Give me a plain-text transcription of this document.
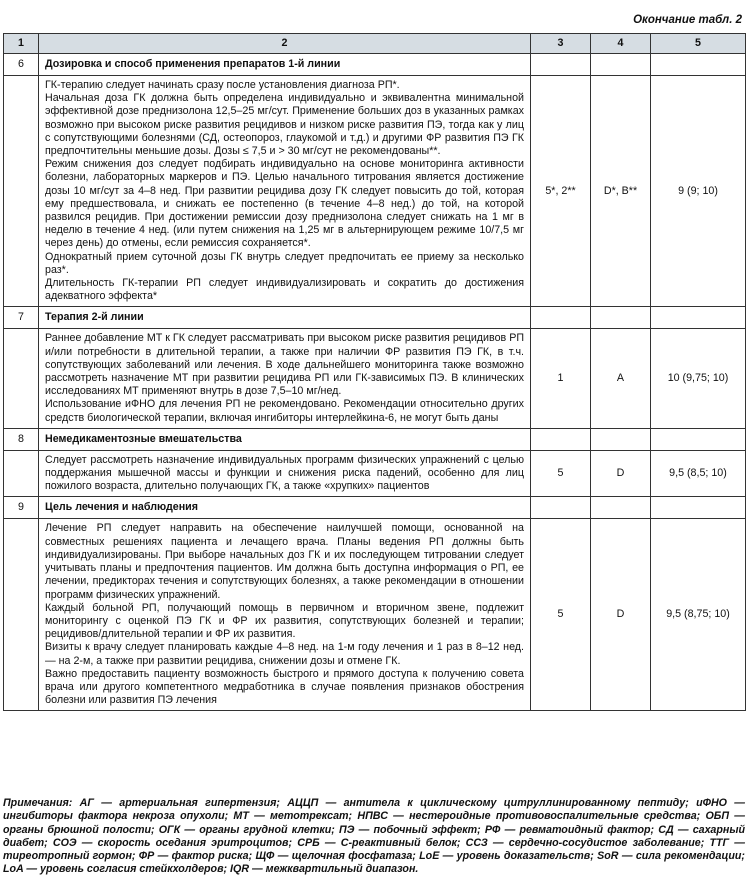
Окончание табл. 2
1	2	3	4	5
6	Дозировка и способ применения препаратов 1-й линии			

	ГК-терапию следует начинать сразу после установления диагноза РП*.

Начальная доза ГК должна быть определена индивидуально и эквивалентна минимальной эффективной дозе преднизолона 12,5–25 мг/сут. Применение больших доз в указанных рамках возможно при высоком риске развития рецидивов и низком риске развития ПЭ, тогда как у лиц с сопутствующими болезнями (СД, остеопороз, глаукомой и т.д.) и другими ФР развития ПЭ ГК предпочтительны меньшие дозы. Дозы ≤ 7,5 и > 30 мг/сут не рекомендованы**.

Режим снижения доз следует подбирать индивидуально на основе мониторинга активности болезни, лабораторных маркеров и ПЭ. Целью начального титрования является достижение дозы 10 мг/сут за 4–8 нед. При развитии рецидива дозу ГК следует повысить до той, которая ему предшествовала, и снижать ее постепенно (в течение 4–8 нед.) до той, на которой развился рецидив. При достижении ремиссии дозу преднизолона следует снижать на 1 мг в неделю в течение 4 нед. (или путем снижения на 1,25 мг в альтернирующем режиме 10/7,5 мг через день) до отмены, если ремиссия сохраняется*.

Однократный прием суточной дозы ГК внутрь следует предпочитать ее приему за несколько раз*.

Длительность ГК-терапии РП следует индивидуализировать и сократить до достижения адекватного эффекта*	5*, 2**	D*, B**	9 (9; 10)
7	Терапия 2-й линии			

	Раннее добавление МТ к ГК следует рассматривать при высоком риске развития рецидивов РП и/или потребности в длительной терапии, а также при наличии ФР развития ПЭ ГК, в т.ч. сопутствующих заболеваний или лечения. В ходе дальнейшего мониторинга также возможно рассмотреть назначение МТ при развитии рецидива РП или ГК-зависимых ПЭ. В клинических исследованиях МТ применяют внутрь в дозе 7,5–10 мг/нед.

Использование иФНО для лечения РП не рекомендовано. Рекомендации относительно других средств биологической терапии, включая ингибиторы интерлейкина-6, не могут быть даны	1	A	10 (9,75; 10)
8	Немедикаментозные вмешательства			

	Следует рассмотреть назначение индивидуальных программ физических упражнений с целью поддержания мышечной массы и функции и снижения риска падений, особенно для лиц пожилого возраста, длительно получающих ГК, а также «хрупких» пациентов	5	D	9,5 (8,5; 10)
9	Цель лечения и наблюдения			

	Лечение РП следует направить на обеспечение наилучшей помощи, основанной на совместных решениях пациента и лечащего врача. Планы ведения РП должны быть индивидуализированы. При выборе начальных доз ГК и их последующем титровании следует учитывать планы и предпочтения пациентов. Им должна быть доступна информация о РП, ее лечении, предикторах течения и сопутствующих болезнях, а также рекомендации в отношении программ физических упражнений.

Каждый больной РП, получающий помощь в первичном и вторичном звене, подлежит мониторингу с оценкой ПЭ ГК и ФР их развития, сопутствующих болезней и терапии; рецидивов/длительной терапии и ФР их развития.

Визиты к врачу следует планировать каждые 4–8 нед. на 1-м году лечения и 1 раз в 8–12 нед. — на 2-м, а также при развитии рецидива, снижении дозы и отмене ГК.

Важно предоставить пациенту возможность быстрого и прямого доступа к получению совета врача или другого компетентного медработника в случае появления признаков обострения болезни или развития ПЭ лечения	5	D	9,5 (8,75; 10)
Примечания: АГ — артериальная гипертензия; АЦЦП — антитела к циклическому цитруллинированному пептиду; иФНО — ингибиторы фактора некроза опухоли; МТ — метотрексат; НПВС — нестероидные противовоспалительные средства; ОБП — органы брюшной полости; ОГК — органы грудной клетки; ПЭ — побочный эффект; РФ — ревматоидный фактор; СД — сахарный диабет; СОЭ — скорость оседания эритроцитов; СРБ — С-реактивный белок; ССЗ — сердечно-сосудистое заболевание; ТТГ — тиреотропный гормон; ФР — фактор риска; ЩФ — щелочная фосфатаза; LoE — уровень доказательств; SoR — сила рекомендации; LoA — уровень согласия стейкхолдеров; IQR — межквартильный диапазон.
